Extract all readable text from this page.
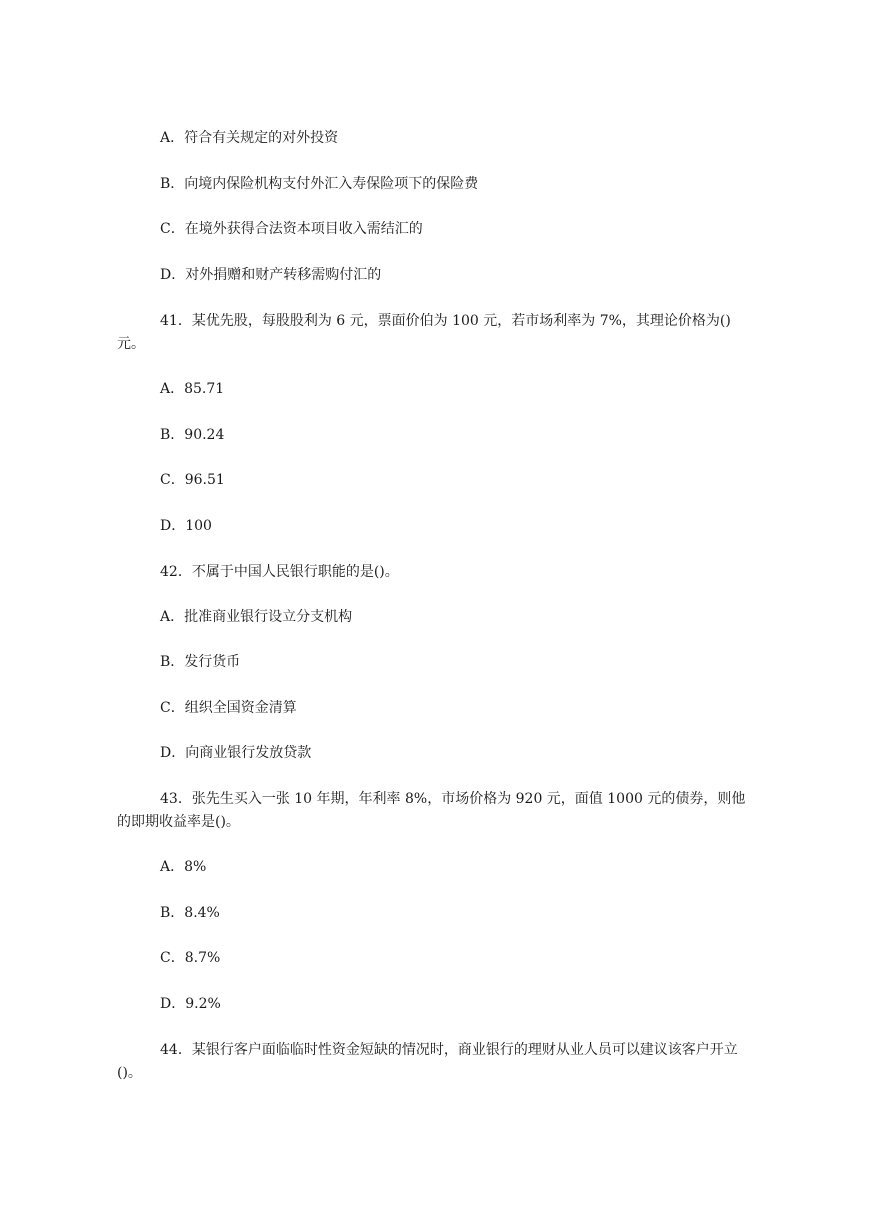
A．符合有关规定的对外投资
B．向境内保险机构支付外汇入寿保险项下的保险费
C．在境外获得合法资本项目收入需结汇的
D．对外捐赠和财产转移需购付汇的
41．某优先股，每股股利为 6 元，票面价伯为 100 元，若市场利率为 7%，其理论价格为()元。
A．85.71
B．90.24
C．96.51
D．100
42．不属于中国人民银行职能的是()。
A．批准商业银行设立分支机构
B．发行货币
C．组织全国资金清算
D．向商业银行发放贷款
43．张先生买入一张 10 年期，年利率 8%，市场价格为 920 元，面值 1000 元的债券，则他的即期收益率是()。
A．8%
B．8.4%
C．8.7%
D．9.2%
44．某银行客户面临临时性资金短缺的情况时，商业银行的理财从业人员可以建议该客户开立()。
